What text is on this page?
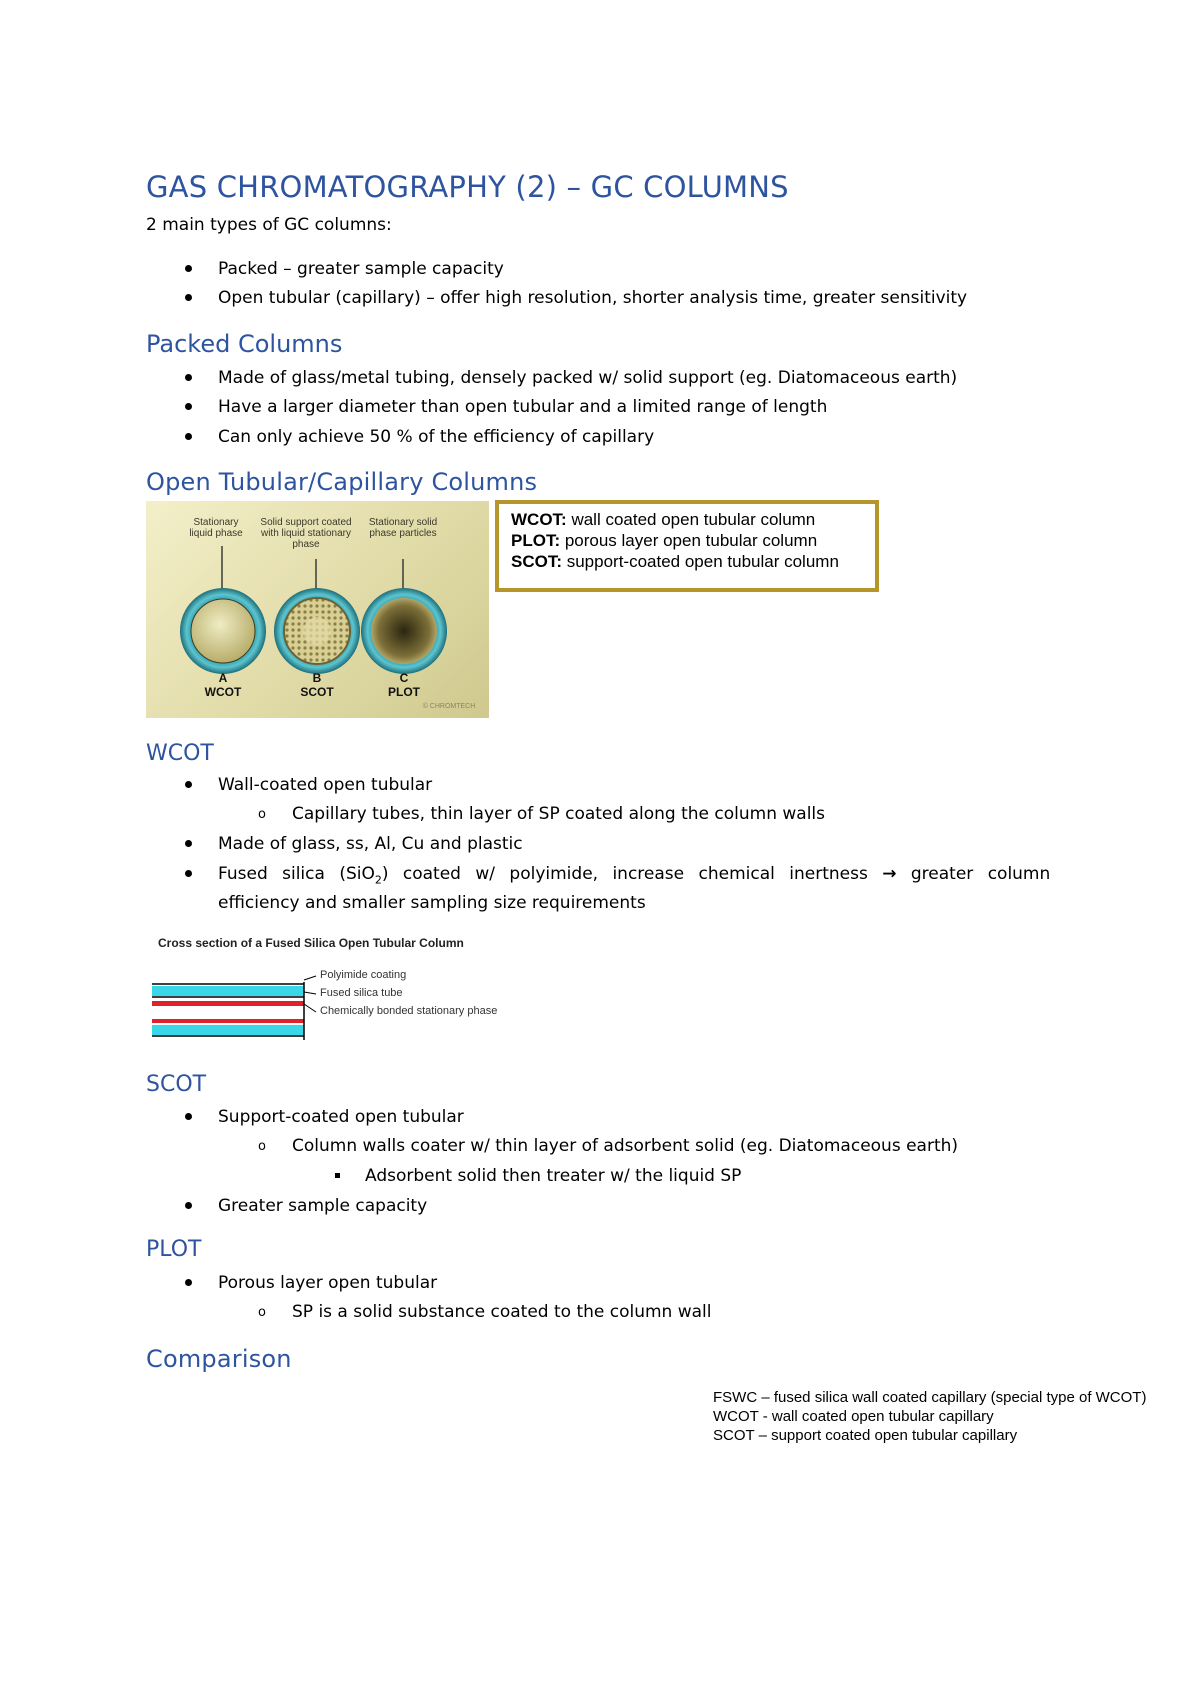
GAS CHROMATOGRAPHY (2) – GC COLUMNS
2 main types of GC columns:
Packed – greater sample capacity
Open tubular (capillary) – offer high resolution, shorter analysis time, greater sensitivity
Packed Columns
Made of glass/metal tubing, densely packed w/ solid support (eg. Diatomaceous earth)
Have a larger diameter than open tubular and a limited range of length
Can only achieve 50 % of the efficiency of capillary
Open Tubular/Capillary Columns
Stationary liquid phase
Solid support coated with liquid stationary phase
Stationary solid phase particles
A
WCOT
B
SCOT
C
PLOT
© CHROMTECH
WCOT: wall coated open tubular column
PLOT: porous layer open tubular column
SCOT: support-coated open tubular column
WCOT
Wall-coated open tubular
o Capillary tubes, thin layer of SP coated along the column walls
Made of glass, ss, Al, Cu and plastic
Fused silica (SiO$_2$) coated w/ polyimide, increase chemical inertness → greater column
efficiency and smaller sampling size requirements
Cross section of a Fused Silica Open Tubular Column
Polyimide coating
Fused silica tube
Chemically bonded stationary phase
SCOT
Support-coated open tubular
o Column walls coater w/ thin layer of adsorbent solid (eg. Diatomaceous earth)
Adsorbent solid then treater w/ the liquid SP
Greater sample capacity
PLOT
Porous layer open tubular
o SP is a solid substance coated to the column wall
Comparison
FSWC – fused silica wall coated capillary (special type of WCOT)
WCOT - wall coated open tubular capillary
SCOT – support coated open tubular capillary
